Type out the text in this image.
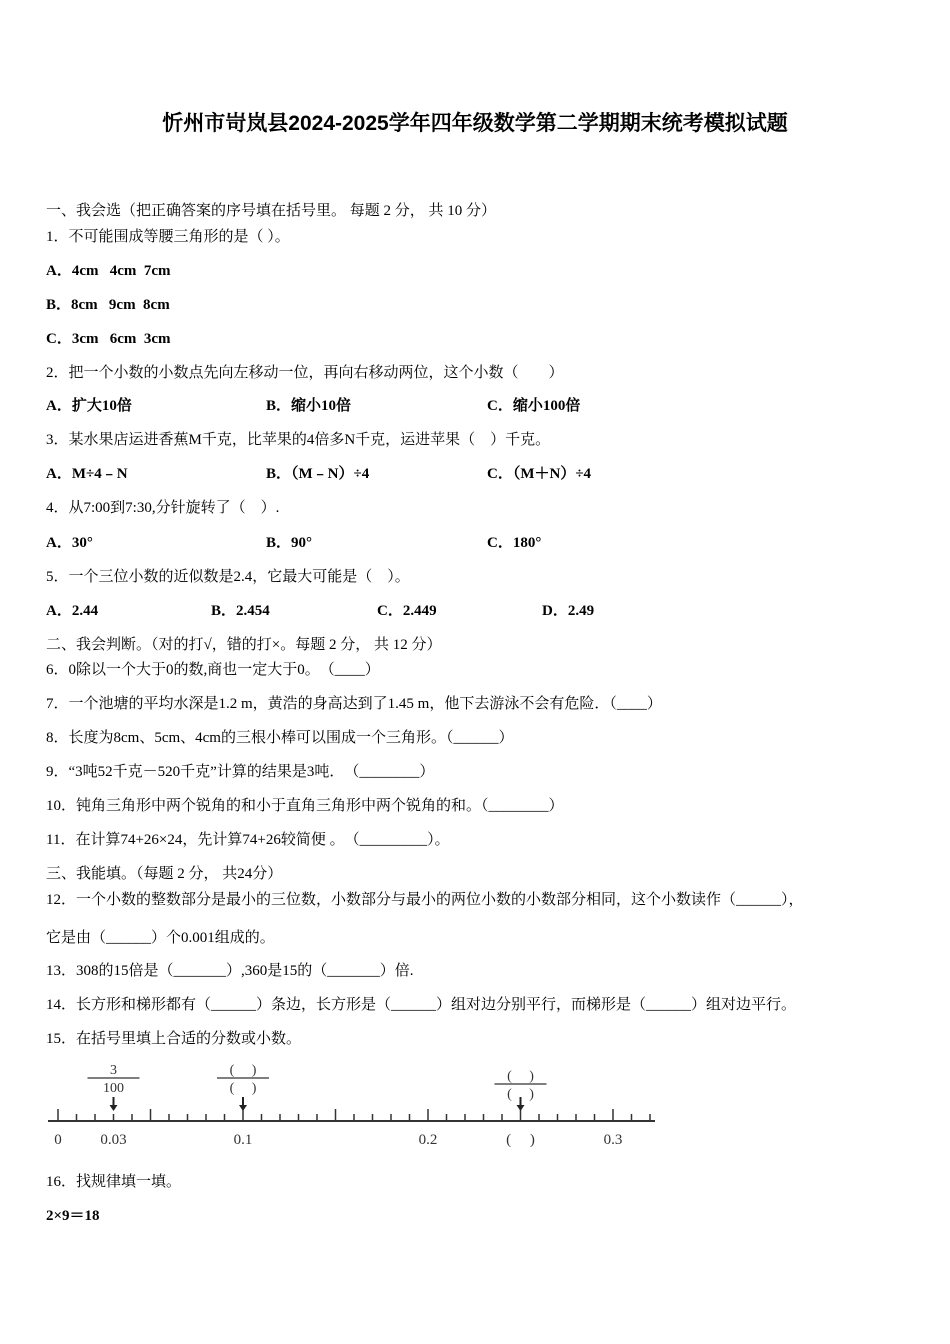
忻州市岢岚县2024-2025学年四年级数学第二学期期末统考模拟试题
一、我会选（把正确答案的序号填在括号里。 每题 2 分， 共 10 分）
1．不可能围成等腰三角形的是（ ）。
A．4cm   4cm  7cm
B．8cm   9cm  8cm
C．3cm   6cm  3cm
2．把一个小数的小数点先向左移动一位，再向右移动两位，这个小数（　　）
A．扩大10倍	B．缩小10倍	C．缩小100倍
3．某水果店运进香蕉M千克，比苹果的4倍多N千克，运进苹果（　）千克。
A．M÷4﹣N	B．（M﹣N）÷4	C．（M＋N）÷4
4．从7:00到7:30,分针旋转了（　）.
A．30°	B．90°	C．180°
5．一个三位小数的近似数是2.4，它最大可能是（　）。
A．2.44	B．2.454	C．2.449	D．2.49
二、我会判断。（对的打√，错的打×。每题 2 分， 共 12 分）
6．0除以一个大于0的数,商也一定大于0。　（____）
7．一个池塘的平均水深是1.2 m，黄浩的身高达到了1.45 m，他下去游泳不会有危险．（____）
8．长度为8cm、5cm、4cm的三根小棒可以围成一个三角形。（______）
9．“3吨52千克－520千克”计算的结果是3吨．　（________）
10．钝角三角形中两个锐角的和小于直角三角形中两个锐角的和。（________）
11．在计算74+26×24，先计算74+26较简便 。　（_________）。
三、我能填。（每题 2 分， 共24分）
12．一个小数的整数部分是最小的三位数，小数部分与最小的两位小数的小数部分相同，这个小数读作（______），
它是由（______）个0.001组成的。
13．308的15倍是（_______）,360是15的（_______）倍.
14．长方形和梯形都有（______）条边，长方形是（______）组对边分别平行，而梯形是（______）组对边平行。
15．在括号里填上合适的分数或小数。
16．找规律填一填。
2×9＝18
0	0.03	0.1	0.2	(　 )	0.3
3
100
(　 )
(　 )
(　 )
(　 )
